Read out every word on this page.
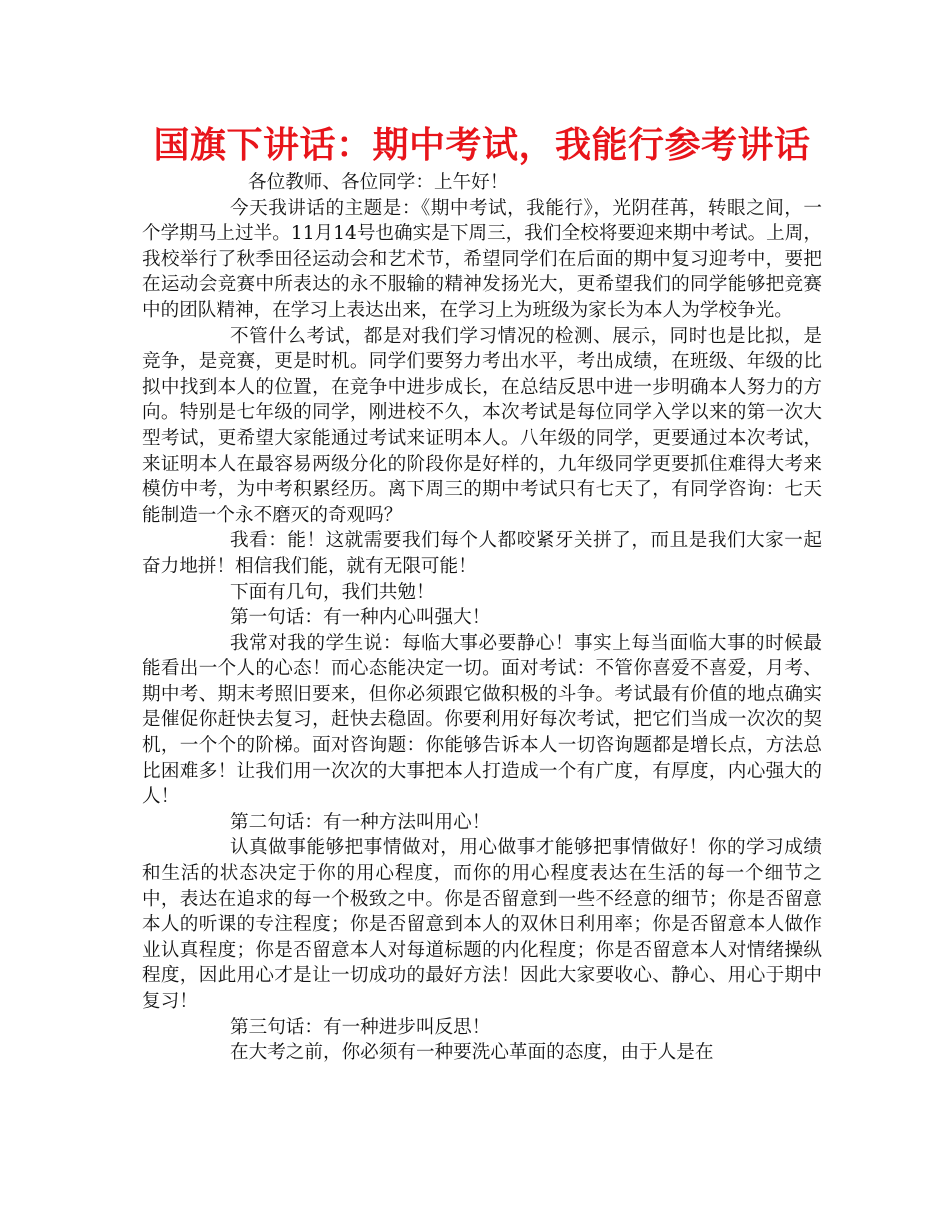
国旗下讲话：期中考试，我能行参考讲话

各位教师、各位同学：上午好！

今天我讲话的主题是：《期中考试，我能行》，光阴荏苒，转眼之间，一个学期马上过半。11月14号也确实是下周三，我们全校将要迎来期中考试。上周，我校举行了秋季田径运动会和艺术节，希望同学们在后面的期中复习迎考中，要把在运动会竞赛中所表达的永不服输的精神发扬光大，更希望我们的同学能够把竞赛中的团队精神，在学习上表达出来，在学习上为班级为家长为本人为学校争光。

不管什么考试，都是对我们学习情况的检测、展示，同时也是比拟，是竞争，是竞赛，更是时机。同学们要努力考出水平，考出成绩，在班级、年级的比拟中找到本人的位置，在竞争中进步成长，在总结反思中进一步明确本人努力的方向。特别是七年级的同学，刚进校不久，本次考试是每位同学入学以来的第一次大型考试，更希望大家能通过考试来证明本人。八年级的同学，更要通过本次考试，来证明本人在最容易两级分化的阶段你是好样的，九年级同学更要抓住难得大考来模仿中考，为中考积累经历。离下周三的期中考试只有七天了，有同学咨询：七天能制造一个永不磨灭的奇观吗？

我看：能！这就需要我们每个人都咬紧牙关拼了，而且是我们大家一起奋力地拼！相信我们能，就有无限可能！

下面有几句，我们共勉！

第一句话：有一种内心叫强大！

我常对我的学生说：每临大事必要静心！事实上每当面临大事的时候最能看出一个人的心态！而心态能决定一切。面对考试：不管你喜爱不喜爱，月考、期中考、期末考照旧要来，但你必须跟它做积极的斗争。考试最有价值的地点确实是催促你赶快去复习，赶快去稳固。你要利用好每次考试，把它们当成一次次的契机，一个个的阶梯。面对咨询题：你能够告诉本人一切咨询题都是增长点，方法总比困难多！让我们用一次次的大事把本人打造成一个有广度，有厚度，内心强大的人！

第二句话：有一种方法叫用心！

认真做事能够把事情做对，用心做事才能够把事情做好！你的学习成绩和生活的状态决定于你的用心程度，而你的用心程度表达在生活的每一个细节之中，表达在追求的每一个极致之中。你是否留意到一些不经意的细节；你是否留意本人的听课的专注程度；你是否留意到本人的双休日利用率；你是否留意本人做作业认真程度；你是否留意本人对每道标题的内化程度；你是否留意本人对情绪操纵程度，因此用心才是让一切成功的最好方法！因此大家要收心、静心、用心于期中复习！

第三句话：有一种进步叫反思！

在大考之前，你必须有一种要洗心革面的态度，由于人是在
